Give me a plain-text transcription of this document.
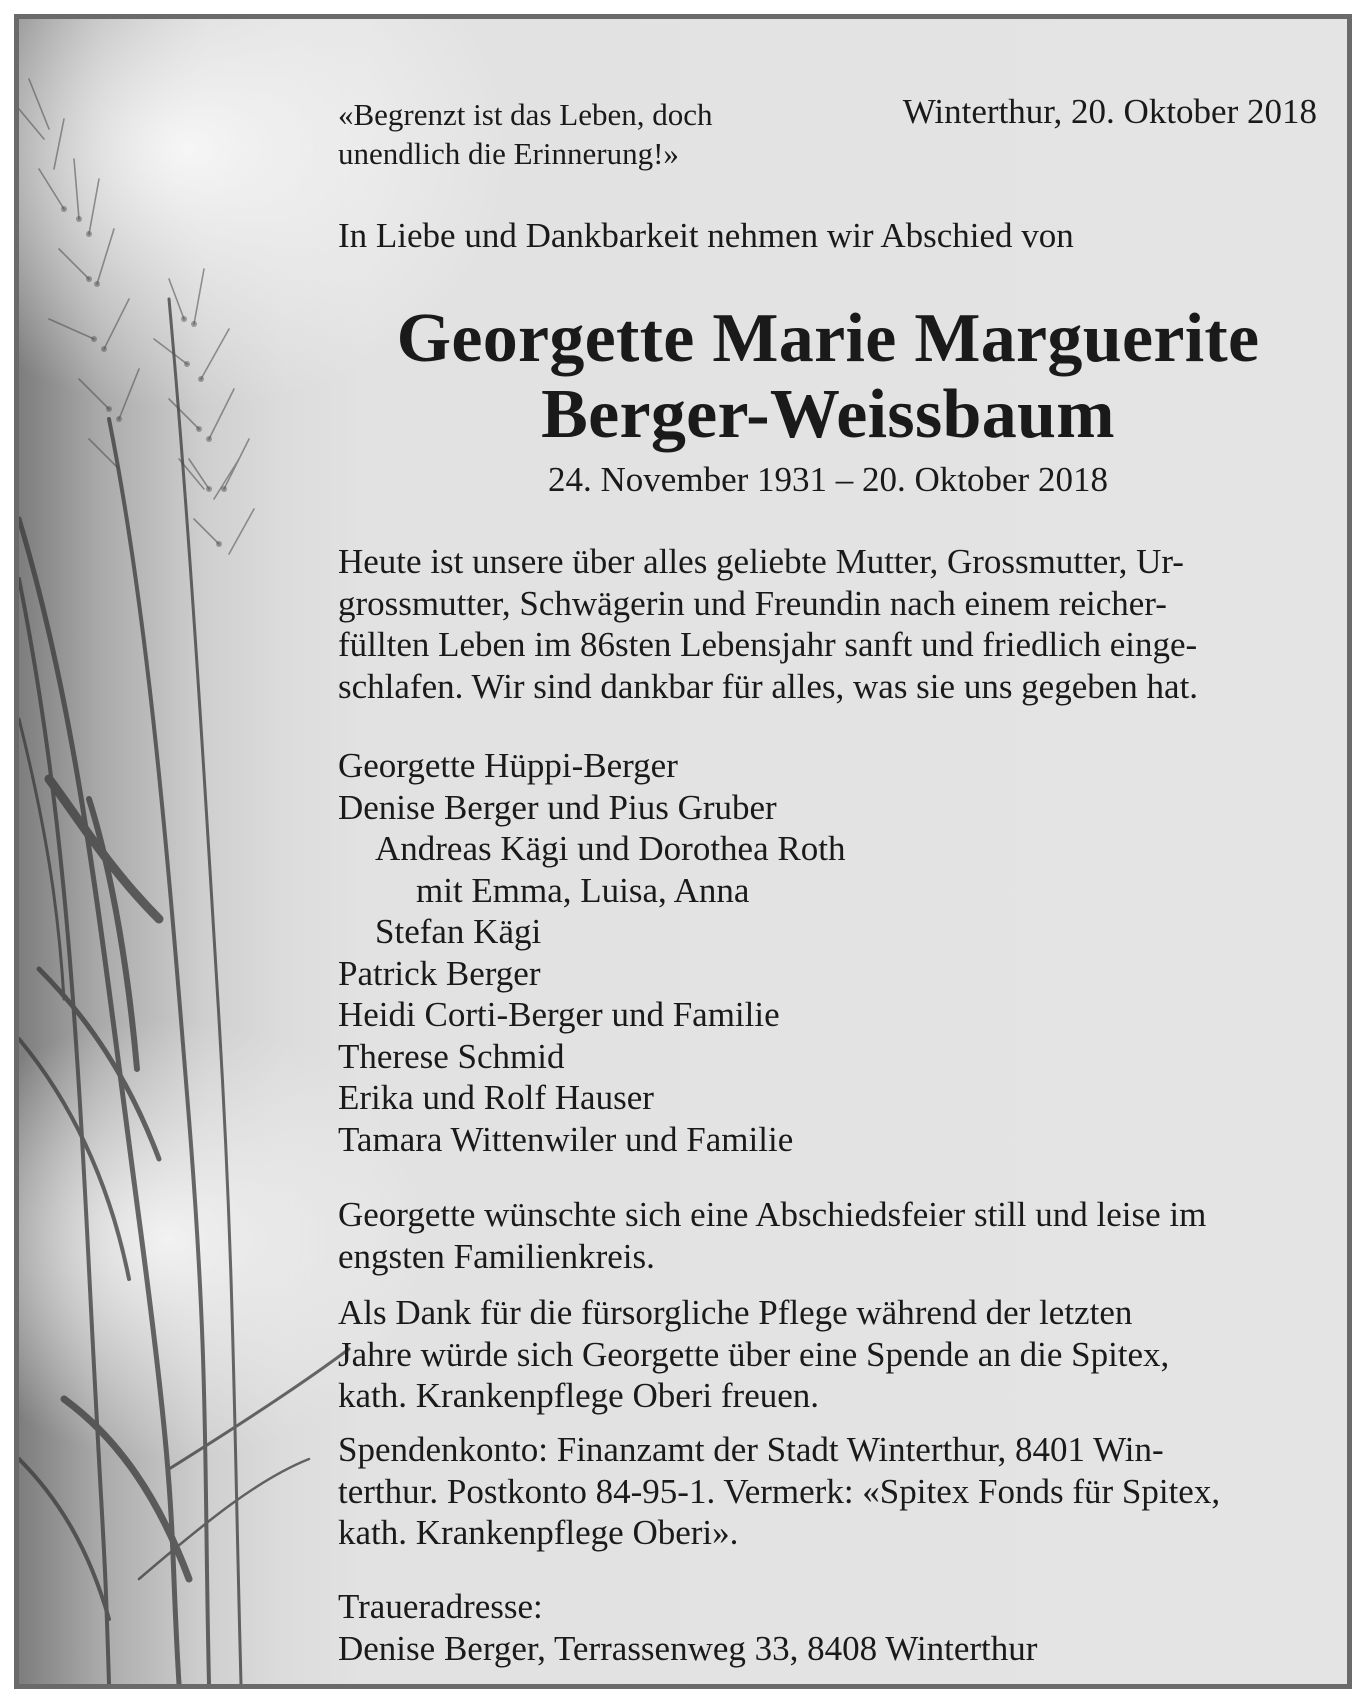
«Begrenzt ist das Leben, doch
unendlich die Erinnerung!»

Winterthur, 20. Oktober 2018

In Liebe und Dankbarkeit nehmen wir Abschied von

Georgette Marie Marguerite
Berger-Weissbaum

24. November 1931 – 20. Oktober 2018

Heute ist unsere über alles geliebte Mutter, Grossmutter, Ur-
grossmutter, Schwägerin und Freundin nach einem reicher-
füllten Leben im 86sten Lebensjahr sanft und friedlich einge-
schlafen. Wir sind dankbar für alles, was sie uns gegeben hat.

Georgette Hüppi-Berger
Denise Berger und Pius Gruber
Andreas Kägi und Dorothea Roth
mit Emma, Luisa, Anna
Stefan Kägi
Patrick Berger
Heidi Corti-Berger und Familie
Therese Schmid
Erika und Rolf Hauser
Tamara Wittenwiler und Familie

Georgette wünschte sich eine Abschiedsfeier still und leise im
engsten Familienkreis.

Als Dank für die fürsorgliche Pflege während der letzten
Jahre würde sich Georgette über eine Spende an die Spitex,
kath. Krankenpflege Oberi freuen.

Spendenkonto: Finanzamt der Stadt Winterthur, 8401 Win-
terthur. Postkonto 84-95-1. Vermerk: «Spitex Fonds für Spitex,
kath. Krankenpflege Oberi».

Traueradresse:
Denise Berger, Terrassenweg 33, 8408 Winterthur
